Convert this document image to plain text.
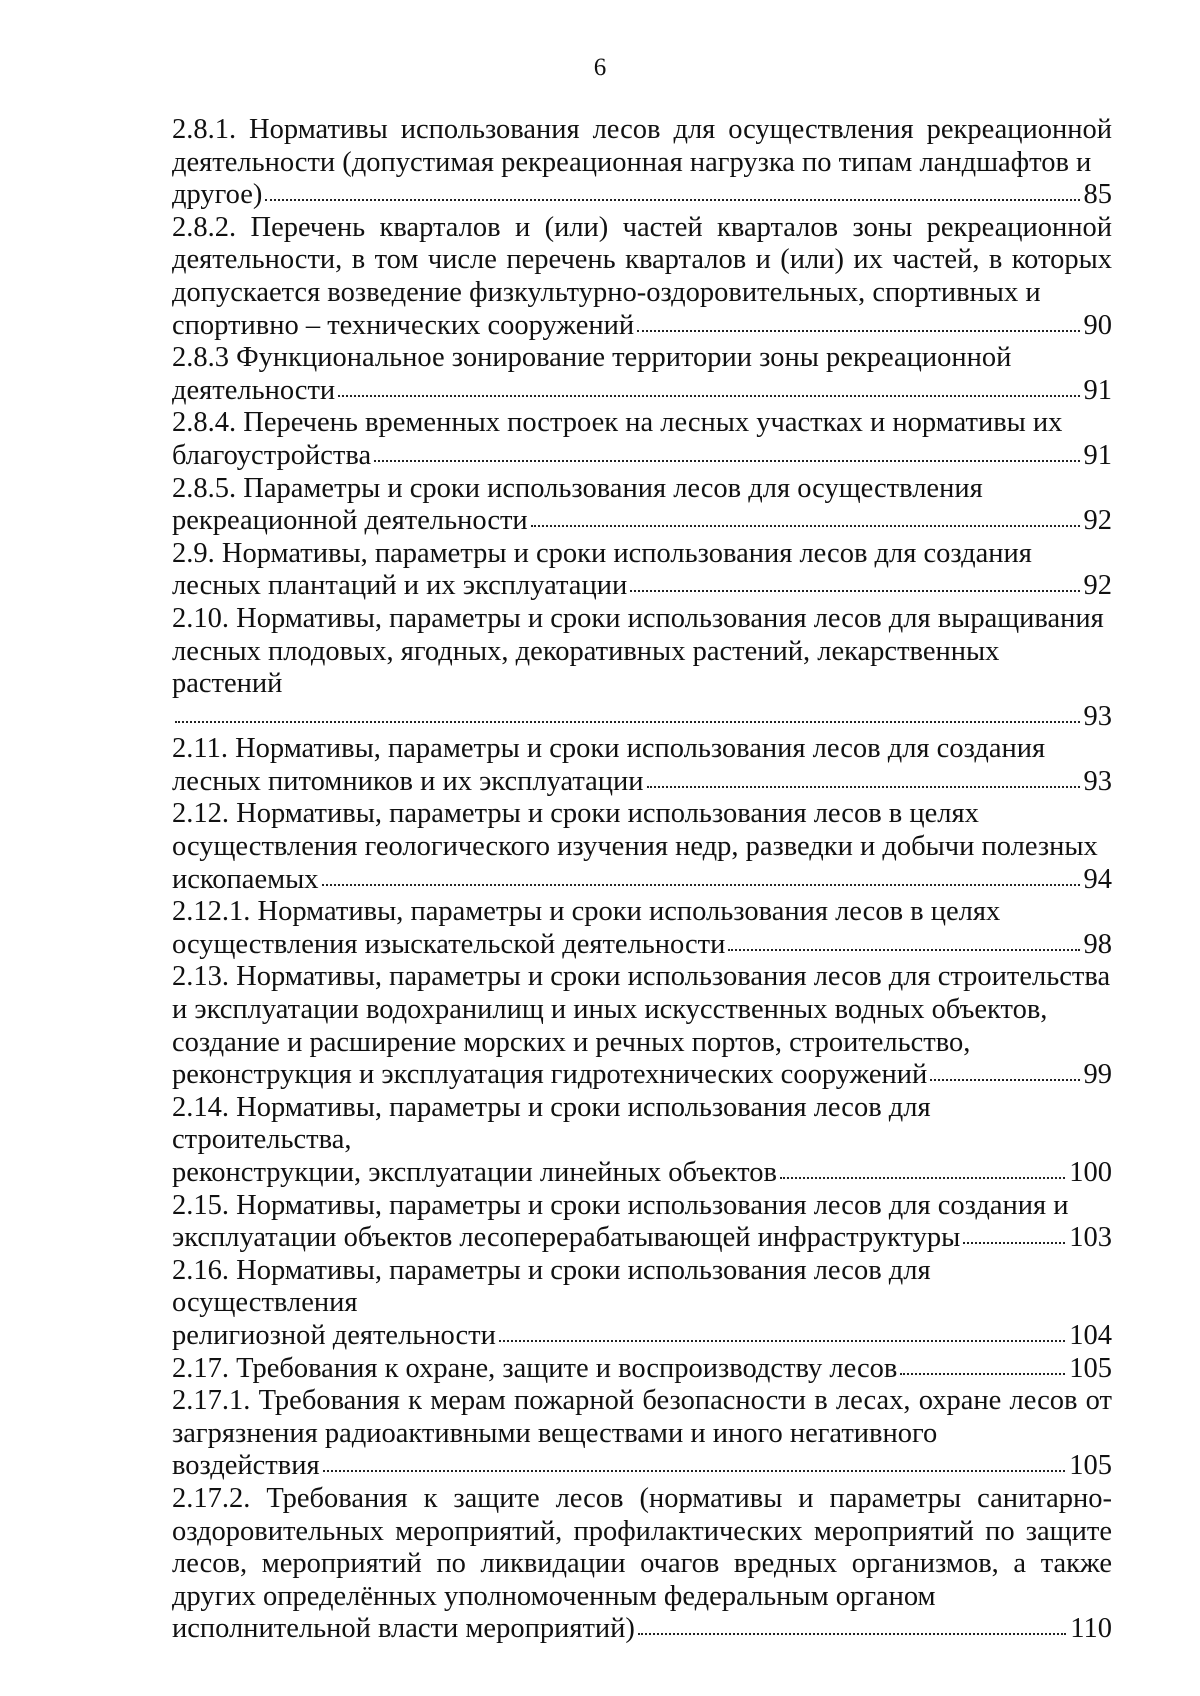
6
2.8.1. Нормативы использования лесов для осуществления рекреационной деятельности (допустимая рекреационная нагрузка по типам ландшафтов и
другое)	85
2.8.2. Перечень кварталов и (или) частей кварталов зоны рекреационной деятельности, в том числе перечень кварталов и (или) их частей, в которых допускается возведение физкультурно-оздоровительных, спортивных и
спортивно – технических сооружений	90
2.8.3 Функциональное зонирование территории зоны рекреационной
деятельности	91
2.8.4. Перечень временных построек на лесных участках и нормативы их
благоустройства	91
2.8.5. Параметры и сроки использования лесов для осуществления
рекреационной деятельности	92
2.9. Нормативы, параметры и сроки использования лесов для создания
лесных плантаций и их эксплуатации	92
2.10. Нормативы, параметры и сроки использования лесов для выращивания
лесных плодовых, ягодных, декоративных растений, лекарственных растений
93
2.11. Нормативы, параметры и сроки использования лесов для создания
лесных питомников и их эксплуатации	93
2.12. Нормативы, параметры и сроки использования лесов в целях
осуществления геологического изучения недр, разведки и добычи полезных
ископаемых	94
2.12.1. Нормативы, параметры и сроки использования лесов в целях
осуществления изыскательской деятельности	98
2.13. Нормативы, параметры и сроки использования лесов для строительства
и эксплуатации водохранилищ и иных искусственных водных объектов,
создание и расширение морских и речных портов, строительство,
реконструкция и эксплуатация гидротехнических сооружений	99
2.14. Нормативы, параметры и сроки использования лесов для строительства,
реконструкции, эксплуатации линейных объектов	100
2.15. Нормативы, параметры и сроки использования лесов для создания и
эксплуатации объектов лесоперерабатывающей инфраструктуры	103
2.16. Нормативы, параметры и сроки использования лесов для осуществления
религиозной деятельности	104
2.17. Требования к охране, защите и воспроизводству лесов	105
2.17.1. Требования к мерам пожарной безопасности в лесах, охране лесов от загрязнения радиоактивными веществами и иного негативного
воздействия	105
2.17.2. Требования к защите лесов (нормативы и параметры санитарно-оздоровительных мероприятий, профилактических мероприятий по защите лесов, мероприятий по ликвидации очагов вредных организмов, а также других определённых уполномоченным федеральным органом
исполнительной власти мероприятий)	110
